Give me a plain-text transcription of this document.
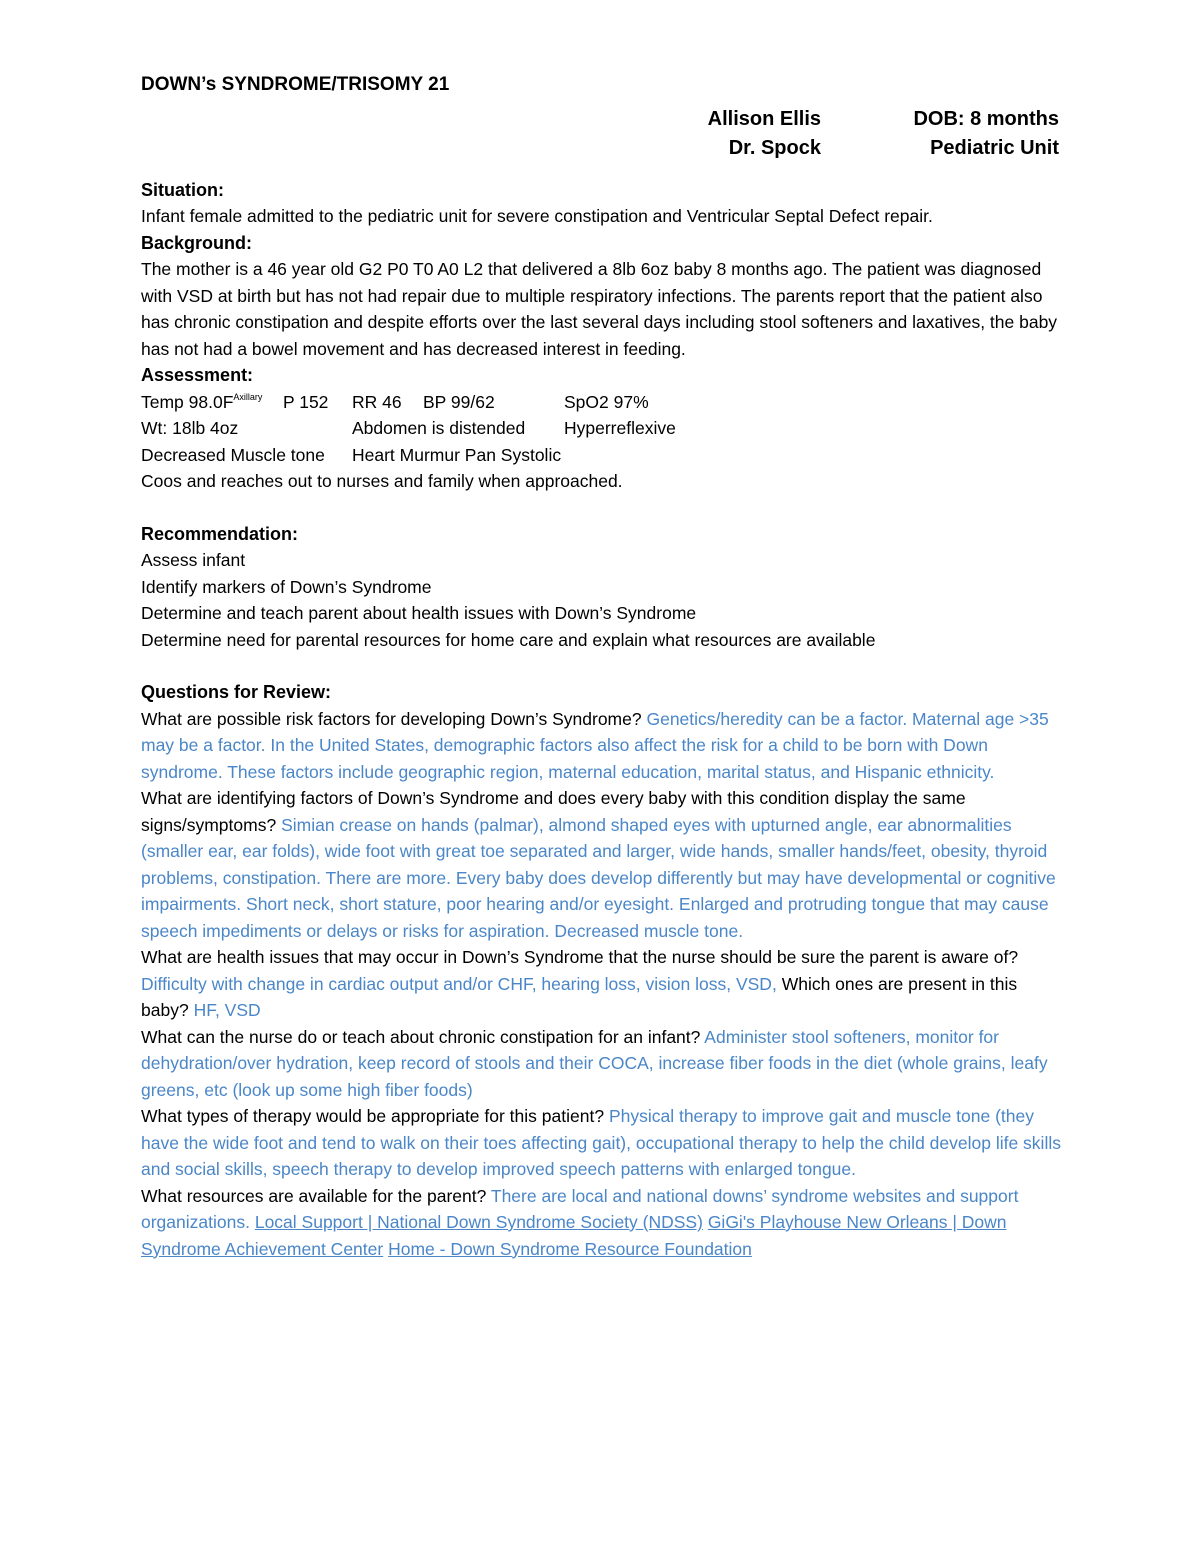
DOWN’s SYNDROME/TRISOMY 21

Allison Ellis	DOB: 8 months
Dr. Spock	Pediatric Unit

Situation:

Infant female admitted to the pediatric unit for severe constipation and Ventricular Septal Defect repair.

Background:

The mother is a 46 year old G2 P0 T0 A0 L2 that delivered a 8lb 6oz baby 8 months ago. The patient was diagnosed with VSD at birth but has not had repair due to multiple respiratory infections. The parents report that the patient also has chronic constipation and despite efforts over the last several days including stool softeners and laxatives, the baby has not had a bowel movement and has decreased interest in feeding.

Assessment:

Temp $98.0F^{Axillary}$ P 152 RR 46 BP 99/62	SpO2 97%
Wt: 18lb 4oz	Abdomen is distended Hyperreflexive
Decreased Muscle tone Heart Murmur Pan Systolic

Coos and reaches out to nurses and family when approached.

Recommendation:

Assess infant
Identify markers of Down’s Syndrome
Determine and teach parent about health issues with Down’s Syndrome
Determine need for parental resources for home care and explain what resources are available

Questions for Review:

What are possible risk factors for developing Down’s Syndrome? Genetics/heredity can be a factor. Maternal age >35 may be a factor. In the United States, demographic factors also affect the risk for a child to be born with Down syndrome. These factors include geographic region, maternal education, marital status, and Hispanic ethnicity.

What are identifying factors of Down’s Syndrome and does every baby with this condition display the same signs/symptoms? Simian crease on hands (palmar), almond shaped eyes with upturned angle, ear abnormalities (smaller ear, ear folds), wide foot with great toe separated and larger, wide hands, smaller hands/feet, obesity, thyroid problems, constipation. There are more. Every baby does develop differently but may have developmental or cognitive impairments. Short neck, short stature, poor hearing and/or eyesight. Enlarged and protruding tongue that may cause speech impediments or delays or risks for aspiration. Decreased muscle tone.

What are health issues that may occur in Down’s Syndrome that the nurse should be sure the parent is aware of? Difficulty with change in cardiac output and/or CHF, hearing loss, vision loss, VSD, Which ones are present in this baby? HF, VSD

What can the nurse do or teach about chronic constipation for an infant? Administer stool softeners, monitor for dehydration/over hydration, keep record of stools and their COCA, increase fiber foods in the diet (whole grains, leafy greens, etc (look up some high fiber foods)

What types of therapy would be appropriate for this patient? Physical therapy to improve gait and muscle tone (they have the wide foot and tend to walk on their toes affecting gait), occupational therapy to help the child develop life skills and social skills, speech therapy to develop improved speech patterns with enlarged tongue.

What resources are available for the parent? There are local and national downs’ syndrome websites and support organizations. Local Support | National Down Syndrome Society (NDSS) GiGi's Playhouse New Orleans | Down Syndrome Achievement Center Home - Down Syndrome Resource Foundation
